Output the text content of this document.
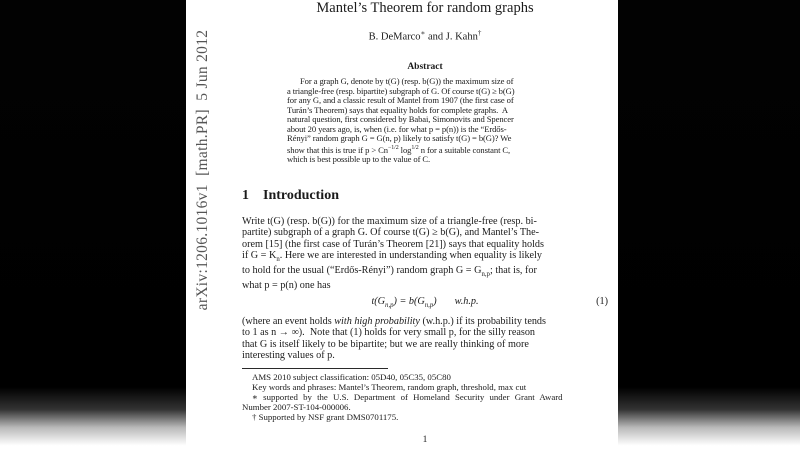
arXiv:1206.1016v1  [math.PR]  5 Jun 2012
Mantel’s Theorem for random graphs
B. DeMarco∗ and J. Kahn†
Abstract
For a graph G, denote by t(G) (resp. b(G)) the maximum size of
a triangle-free (resp. bipartite) subgraph of G. Of course t(G) ≥ b(G)
for any G, and a classic result of Mantel from 1907 (the first case of
Turán’s Theorem) says that equality holds for complete graphs.  A
natural question, first considered by Babai, Simonovits and Spencer
about 20 years ago, is, when (i.e. for what p = p(n)) is the “Erdős-
Rényi” random graph G = G(n, p) likely to satisfy t(G) = b(G)? We
show that this is true if $p > Cn^{-1/2}$ $\log^{1/2} n$ for a suitable constant C,
which is best possible up to the value of C.
1 Introduction
Write t(G) (resp. b(G)) for the maximum size of a triangle-free (resp. bi-
partite) subgraph of a graph G. Of course t(G) ≥ b(G), and Mantel’s The-
orem [15] (the first case of Turán’s Theorem [21]) says that equality holds
if $G = K_n$. Here we are interested in understanding when equality is likely
to hold for the usual (“Erdős-Rényi”) random graph $G = G_{n,p}$; that is, for
what p = p(n) one has
$t(G_{n,p}) = b(G_{n,p})$ w.h.p.	(1)
(where an event holds with high probability (w.h.p.) if its probability tends
to 1 as n → ∞).  Note that (1) holds for very small p, for the silly reason
that G is itself likely to be bipartite; but we are really thinking of more
interesting values of p.
AMS 2010 subject classification: 05D40, 05C35, 05C80
Key words and phrases: Mantel’s Theorem, random graph, threshold, max cut
∗ supported by the U.S. Department of Homeland Security under Grant Award
Number 2007-ST-104-000006.
† Supported by NSF grant DMS0701175.
1
